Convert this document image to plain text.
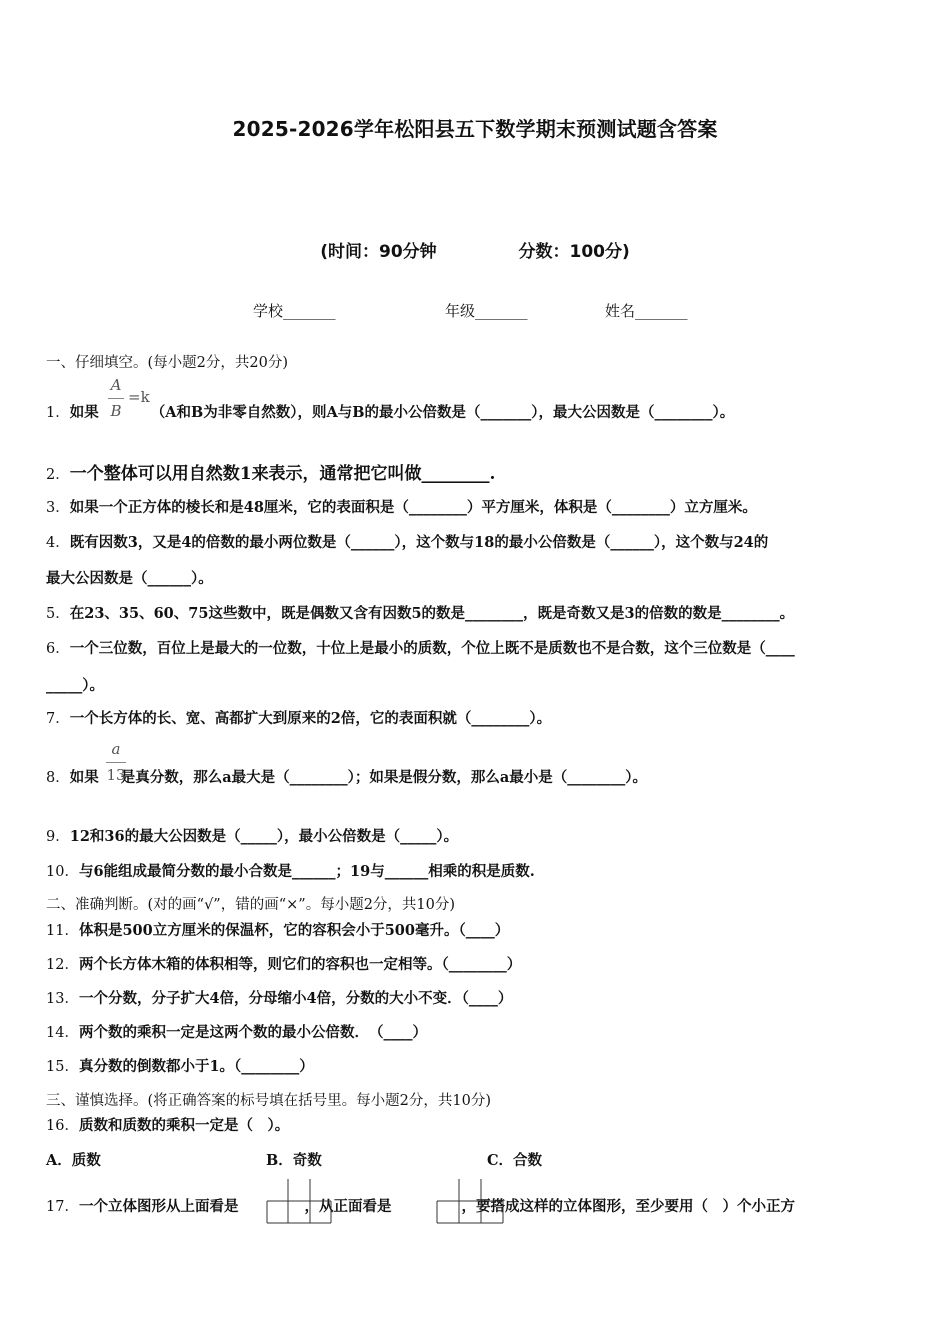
2025-2026学年松阳县五下数学期末预测试题含答案
(时间：90分钟	分数：100分)
学校_______	年级_______	姓名_______
一、仔细填空。(每小题2分，共20分)
1．如果	（A和B为非零自然数），则A与B的最小公倍数是（_______），最大公因数是（________）。
A
B
=k
2．一个整体可以用自然数1来表示，通常把它叫做________.
3．如果一个正方体的棱长和是48厘米，它的表面积是（________）平方厘米，体积是（________）立方厘米。
4．既有因数3，又是4的倍数的最小两位数是（______），这个数与18的最小公倍数是（______），这个数与24的
最大公因数是（______）。
5．在23、35、60、75这些数中，既是偶数又含有因数5的数是________，既是奇数又是3的倍数的数是________。
6．一个三位数，百位上是最大的一位数，十位上是最小的质数，个位上既不是质数也不是合数，这个三位数是（____
_____）。
7．一个长方体的长、宽、高都扩大到原来的2倍，它的表面积就（________）。
8．如果 是真分数，那么a最大是（________）；如果是假分数，那么a最小是（________）。
a
13
9．12和36的最大公因数是（_____），最小公倍数是（_____）。
10．与6能组成最简分数的最小合数是______；19与______相乘的积是质数.
二、准确判断。(对的画“√”，错的画“×”。每小题2分，共10分)
11．体积是500立方厘米的保温杯，它的容积会小于500毫升。（____）
12．两个长方体木箱的体积相等，则它们的容积也一定相等。（________）
13．一个分数，分子扩大4倍，分母缩小4倍，分数的大小不变．（____）
14．两个数的乘积一定是这两个数的最小公倍数．　（____）
15．真分数的倒数都小于1。（________）
三、谨慎选择。(将正确答案的标号填在括号里。每小题2分，共10分)
16．质数和质数的乘积一定是（　）。
A．质数	B．奇数	C．合数
17．一个立体图形从上面看是	，从正面看是	，要搭成这样的立体图形，至少要用（　）个小正方
